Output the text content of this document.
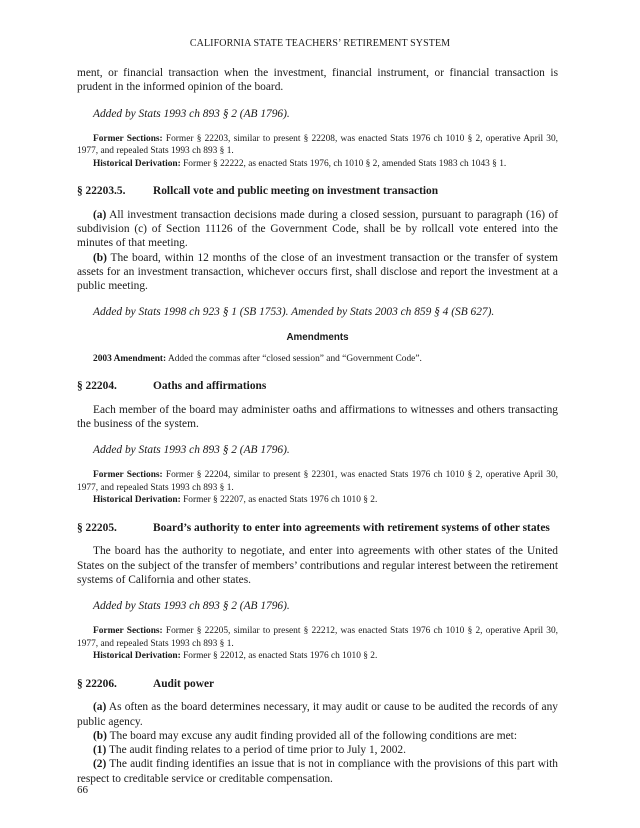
CALIFORNIA STATE TEACHERS’ RETIREMENT SYSTEM

ment, or financial transaction when the investment, financial instrument, or financial transaction is prudent in the informed opinion of the board.

Added by Stats 1993 ch 893 § 2 (AB 1796).

Former Sections: Former § 22203, similar to present § 22208, was enacted Stats 1976 ch 1010 § 2, operative April 30, 1977, and repealed Stats 1993 ch 893 § 1.

Historical Derivation: Former § 22222, as enacted Stats 1976, ch 1010 § 2, amended Stats 1983 ch 1043 § 1.

§ 22203.5.	Rollcall vote and public meeting on investment transaction

(a) All investment transaction decisions made during a closed session, pursuant to paragraph (16) of subdivision (c) of Section 11126 of the Government Code, shall be by rollcall vote entered into the minutes of that meeting.

(b) The board, within 12 months of the close of an investment transaction or the transfer of system assets for an investment transaction, whichever occurs first, shall disclose and report the investment at a public meeting.

Added by Stats 1998 ch 923 § 1 (SB 1753). Amended by Stats 2003 ch 859 § 4 (SB 627).

Amendments

2003 Amendment: Added the commas after “closed session” and “Government Code”.

§ 22204.	Oaths and affirmations

Each member of the board may administer oaths and affirmations to witnesses and others transacting the business of the system.

Added by Stats 1993 ch 893 § 2 (AB 1796).

Former Sections: Former § 22204, similar to present § 22301, was enacted Stats 1976 ch 1010 § 2, operative April 30, 1977, and repealed Stats 1993 ch 893 § 1.

Historical Derivation: Former § 22207, as enacted Stats 1976 ch 1010 § 2.

§ 22205.	Board’s authority to enter into agreements with retirement systems of other states

The board has the authority to negotiate, and enter into agreements with other states of the United States on the subject of the transfer of members’ contributions and regular interest between the retirement systems of California and other states.

Added by Stats 1993 ch 893 § 2 (AB 1796).

Former Sections: Former § 22205, similar to present § 22212, was enacted Stats 1976 ch 1010 § 2, operative April 30, 1977, and repealed Stats 1993 ch 893 § 1.

Historical Derivation: Former § 22012, as enacted Stats 1976 ch 1010 § 2.

§ 22206.	Audit power

(a) As often as the board determines necessary, it may audit or cause to be audited the records of any public agency.

(b) The board may excuse any audit finding provided all of the following conditions are met:

(1) The audit finding relates to a period of time prior to July 1, 2002.

(2) The audit finding identifies an issue that is not in compliance with the provisions of this part with respect to creditable service or creditable compensation.

66
